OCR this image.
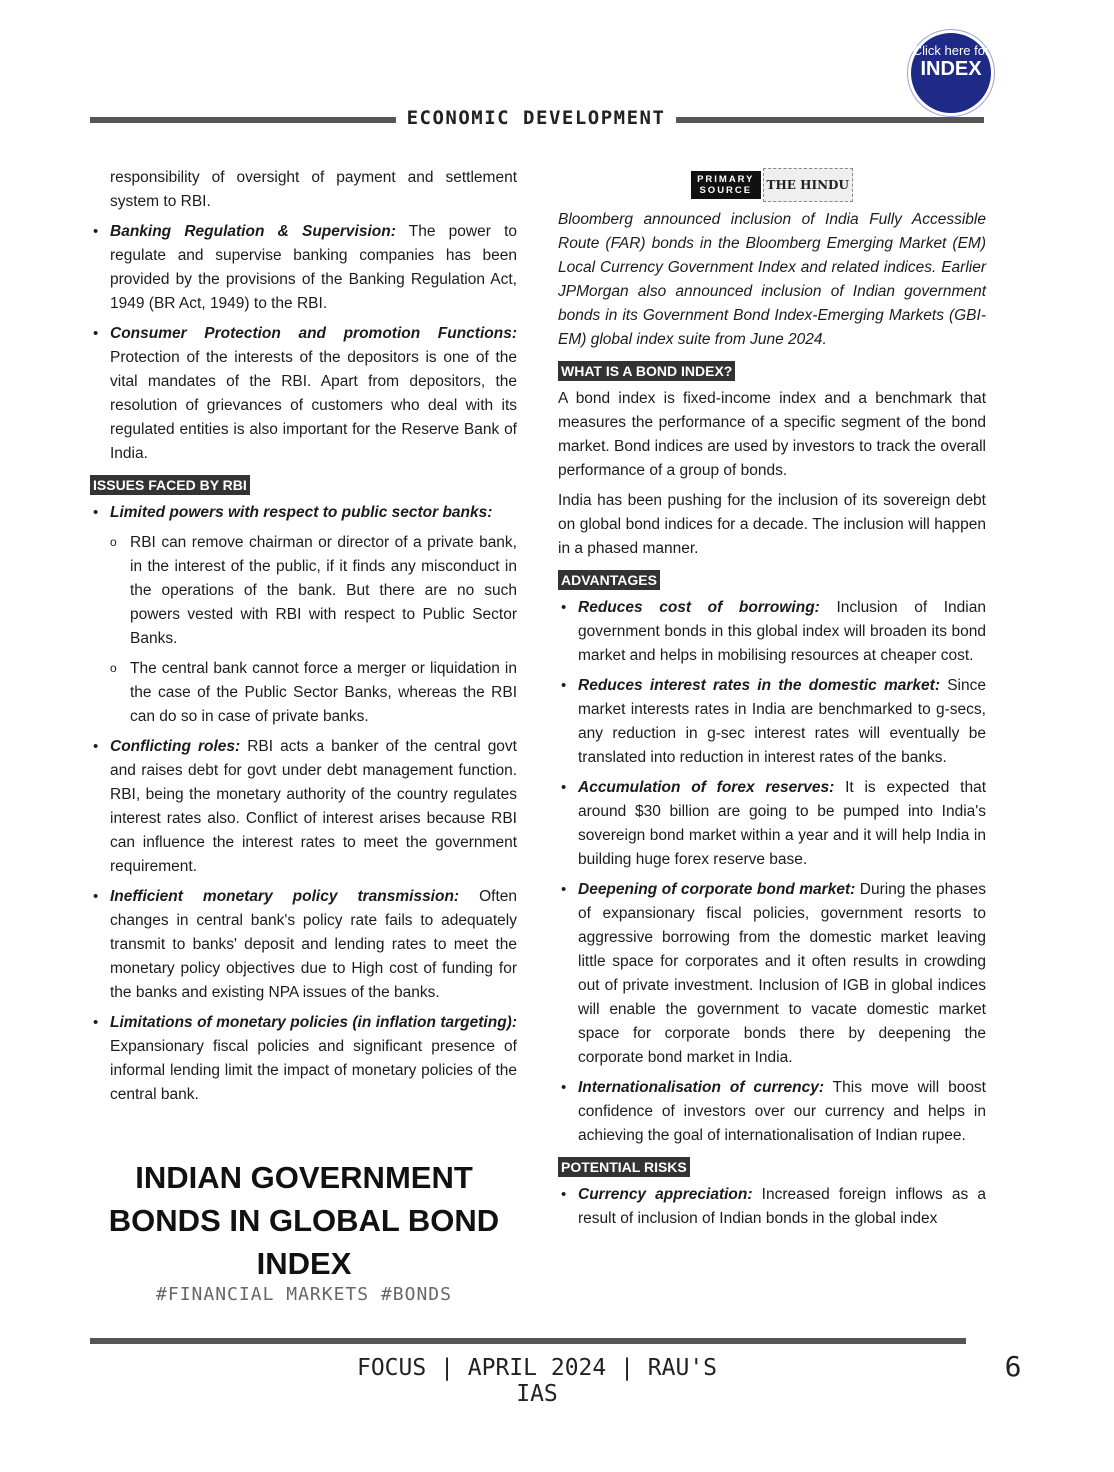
Click here for
INDEX
ECONOMIC DEVELOPMENT

responsibility of oversight of payment and settlement system to RBI.

• Banking Regulation & Supervision: The power to regulate and supervise banking companies has been provided by the provisions of the Banking Regulation Act, 1949 (BR Act, 1949) to the RBI.
• Consumer Protection and promotion Functions: Protection of the interests of the depositors is one of the vital mandates of the RBI. Apart from depositors, the resolution of grievances of customers who deal with its regulated entities is also important for the Reserve Bank of India.
ISSUES FACED BY RBI
• Limited powers with respect to public sector banks:
o RBI can remove chairman or director of a private bank, in the interest of the public, if it finds any misconduct in the operations of the bank. But there are no such powers vested with RBI with respect to Public Sector Banks.
o The central bank cannot force a merger or liquidation in the case of the Public Sector Banks, whereas the RBI can do so in case of private banks.
• Conflicting roles: RBI acts a banker of the central govt and raises debt for govt under debt management function. RBI, being the monetary authority of the country regulates interest rates also. Conflict of interest arises because RBI can influence the interest rates to meet the government requirement.
• Inefficient monetary policy transmission: Often changes in central bank's policy rate fails to adequately transmit to banks' deposit and lending rates to meet the monetary policy objectives due to High cost of funding for the banks and existing NPA issues of the banks.
• Limitations of monetary policies (in inflation targeting): Expansionary fiscal policies and significant presence of informal lending limit the impact of monetary policies of the central bank.
INDIAN GOVERNMENT BONDS IN GLOBAL BOND INDEX
#FINANCIAL MARKETS #BONDS
PRIMARY
SOURCE	THE HINDU

Bloomberg announced inclusion of India Fully Accessible Route (FAR) bonds in the Bloomberg Emerging Market (EM) Local Currency Government Index and related indices. Earlier JPMorgan also announced inclusion of Indian government bonds in its Government Bond Index-Emerging Markets (GBI-EM) global index suite from June 2024.

WHAT IS A BOND INDEX?

A bond index is fixed-income index and a benchmark that measures the performance of a specific segment of the bond market. Bond indices are used by investors to track the overall performance of a group of bonds.

India has been pushing for the inclusion of its sovereign debt on global bond indices for a decade. The inclusion will happen in a phased manner.

ADVANTAGES
• Reduces cost of borrowing: Inclusion of Indian government bonds in this global index will broaden its bond market and helps in mobilising resources at cheaper cost.
• Reduces interest rates in the domestic market: Since market interests rates in India are benchmarked to g-secs, any reduction in g-sec interest rates will eventually be translated into reduction in interest rates of the banks.
• Accumulation of forex reserves: It is expected that around $30 billion are going to be pumped into India's sovereign bond market within a year and it will help India in building huge forex reserve base.
• Deepening of corporate bond market: During the phases of expansionary fiscal policies, government resorts to aggressive borrowing from the domestic market leaving little space for corporates and it often results in crowding out of private investment. Inclusion of IGB in global indices will enable the government to vacate domestic market space for corporate bonds there by deepening the corporate bond market in India.
• Internationalisation of currency: This move will boost confidence of investors over our currency and helps in achieving the goal of internationalisation of Indian rupee.
POTENTIAL RISKS
• Currency appreciation: Increased foreign inflows as a result of inclusion of Indian bonds in the global index
FOCUS | APRIL 2024 | RAU'S IAS
6
